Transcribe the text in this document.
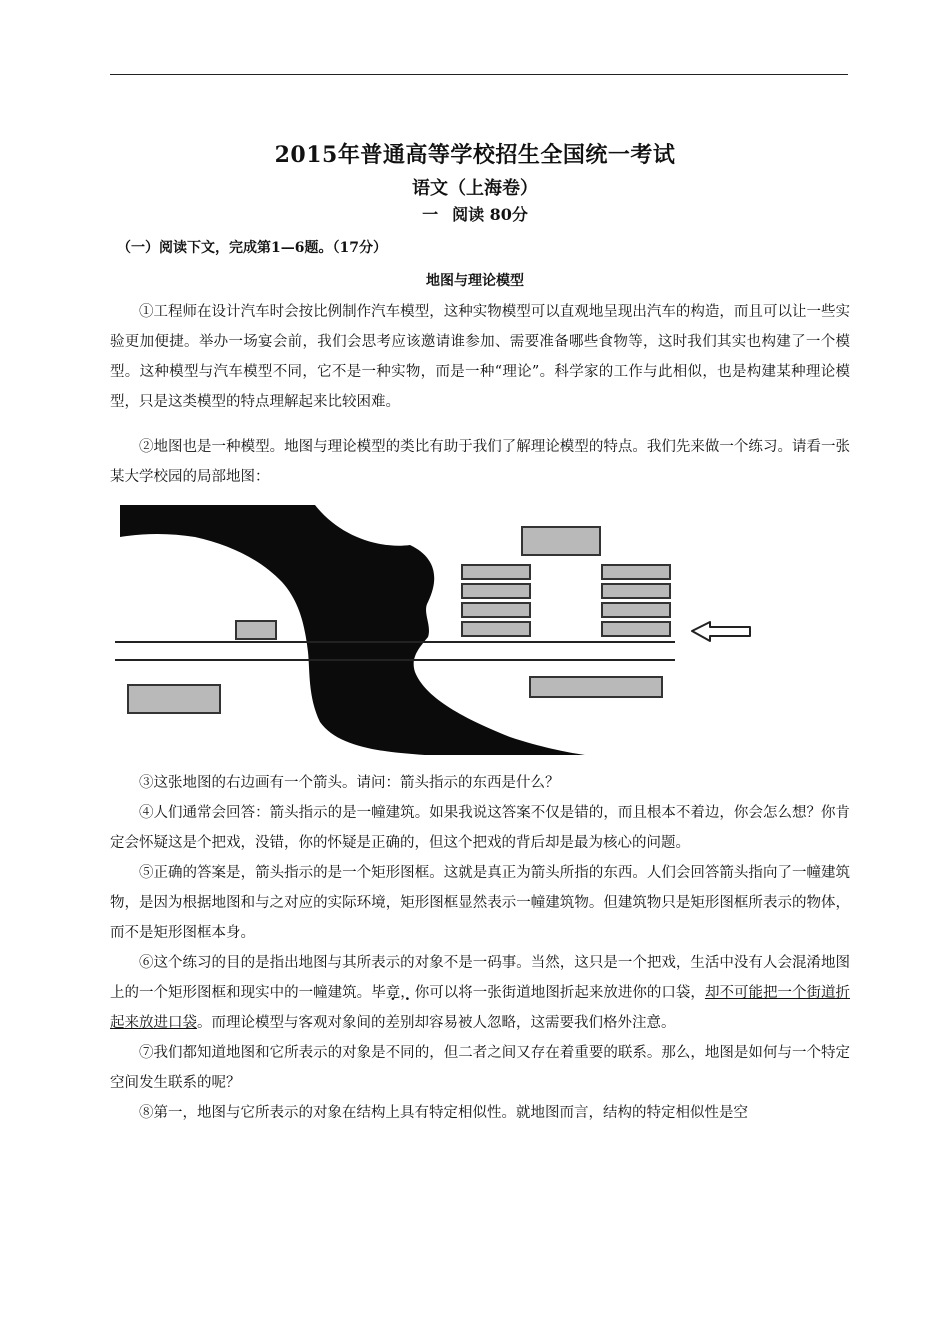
2015年普通高等学校招生全国统一考试
语文（上海卷）
一 阅读 80分
（一）阅读下文，完成第1—6题。（17分）
地图与理论模型

①工程师在设计汽车时会按比例制作汽车模型，这种实物模型可以直观地呈现出汽车的构造，而且可以让一些实验更加便捷。举办一场宴会前，我们会思考应该邀请谁参加、需要准备哪些食物等，这时我们其实也构建了一个模型。这种模型与汽车模型不同，它不是一种实物，而是一种“理论”。科学家的工作与此相似，也是构建某种理论模型，只是这类模型的特点理解起来比较困难。

②地图也是一种模型。地图与理论模型的类比有助于我们了解理论模型的特点。我们先来做一个练习。请看一张某大学校园的局部地图：

③这张地图的右边画有一个箭头。请问：箭头指示的东西是什么？

④人们通常会回答：箭头指示的是一幢建筑。如果我说这答案不仅是错的，而且根本不着边，你会怎么想？你肯定会怀疑这是个把戏，没错，你的怀疑是正确的，但这个把戏的背后却是最为核心的问题。

⑤正确的答案是，箭头指示的是一个矩形图框。这就是真正为箭头所指的东西。人们会回答箭头指向了一幢建筑物，是因为根据地图和与之对应的实际环境，矩形图框显然表示一幢建筑物。但建筑物只是矩形图框所表示的物体，而不是矩形图框本身。

⑥这个练习的目的是指出地图与其所表示的对象不是一码事。当然，这只是一个把戏，生活中没有人会混淆地图上的一个矩形图框和现实中的一幢建筑。毕竟，你可以将一张街道地图折起来放进你的口袋，却不可能把一个街道折起来放进口袋。而理论模型与客观对象间的差别却容易被人忽略，这需要我们格外注意。

⑦我们都知道地图和它所表示的对象是不同的，但二者之间又存在着重要的联系。那么，地图是如何与一个特定空间发生联系的呢？

⑧第一，地图与它所表示的对象在结构上具有特定相似性。就地图而言，结构的特定相似性是空
